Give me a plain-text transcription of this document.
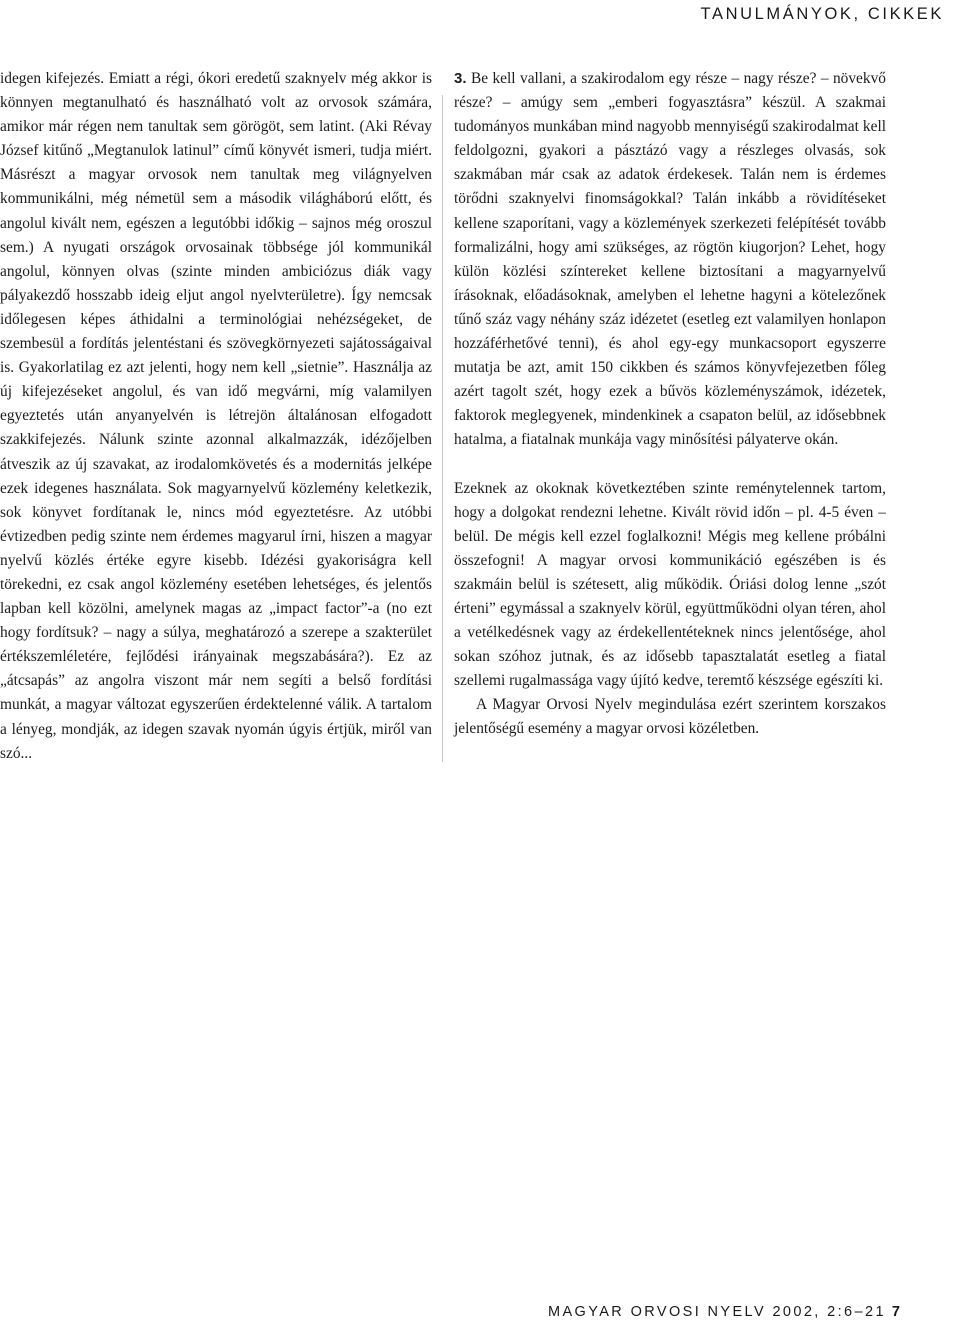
TANULMÁNYOK, CIKKEK

idegen kifejezés. Emiatt a régi, ókori eredetű szaknyelv még akkor is könnyen megtanulható és használható volt az orvosok számára, amikor már régen nem tanultak sem görögöt, sem latint. (Aki Révay József kitűnő „Megtanulok latinul” című könyvét ismeri, tudja miért. Másrészt a magyar orvosok nem tanultak meg világnyelven kommunikálni, még németül sem a második világháború előtt, és angolul kivált nem, egészen a legutóbbi időkig – sajnos még oroszul sem.) A nyugati országok orvosainak többsége jól kommunikál angolul, könnyen olvas (szinte minden ambiciózus diák vagy pályakezdő hosszabb ideig eljut angol nyelvterületre). Így nemcsak időlegesen képes áthidalni a terminológiai nehézségeket, de szembesül a fordítás jelentéstani és szövegkörnyezeti sajátosságaival is. Gyakorlatilag ez azt jelenti, hogy nem kell „sietnie”. Használja az új kifejezéseket angolul, és van idő megvárni, míg valamilyen egyeztetés után anyanyelvén is létrejön általánosan elfogadott szakkifejezés. Nálunk szinte azonnal alkalmazzák, idézőjelben átveszik az új szavakat, az irodalomkövetés és a modernitás jelképe ezek idegenes használata. Sok magyarnyelvű közlemény keletkezik, sok könyvet fordítanak le, nincs mód egyeztetésre. Az utóbbi évtizedben pedig szinte nem érdemes magyarul írni, hiszen a magyar nyelvű közlés értéke egyre kisebb. Idézési gyakoriságra kell törekedni, ez csak angol közlemény esetében lehetséges, és jelentős lapban kell közölni, amelynek magas az „impact factor”-a (no ezt hogy fordítsuk? – nagy a súlya, meghatározó a szerepe a szakterület értékszemléletére, fejlődési irányainak megszabására?). Ez az „átcsapás” az angolra viszont már nem segíti a belső fordítási munkát, a magyar változat egyszerűen érdektelenné válik. A tartalom a lényeg, mondják, az idegen szavak nyomán úgyis értjük, miről van szó...

3. Be kell vallani, a szakirodalom egy része – nagy része? – növekvő része? – amúgy sem „emberi fogyasztásra” készül. A szakmai tudományos munkában mind nagyobb mennyiségű szakirodalmat kell feldolgozni, gyakori a pásztázó vagy a részleges olvasás, sok szakmában már csak az adatok érdekesek. Talán nem is érdemes törődni szaknyelvi finomságokkal? Talán inkább a rövidítéseket kellene szaporítani, vagy a közlemények szerkezeti felépítését tovább formalizálni, hogy ami szükséges, az rögtön kiugorjon? Lehet, hogy külön közlési színtereket kellene biztosítani a magyarnyelvű írásoknak, előadásoknak, amelyben el lehetne hagyni a kötelezőnek tűnő száz vagy néhány száz idézetet (esetleg ezt valamilyen honlapon hozzáférhetővé tenni), és ahol egy-egy munkacsoport egyszerre mutatja be azt, amit 150 cikkben és számos könyvfejezetben főleg azért tagolt szét, hogy ezek a bűvös közleményszámok, idézetek, faktorok meglegyenek, mindenkinek a csapaton belül, az idősebbnek hatalma, a fiatalnak munkája vagy minősítési pályaterve okán.

Ezeknek az okoknak következtében szinte reménytelennek tartom, hogy a dolgokat rendezni lehetne. Kivált rövid időn – pl. 4-5 éven – belül. De mégis kell ezzel foglalkozni! Mégis meg kellene próbálni összefogni! A magyar orvosi kommunikáció egészében is és szakmáin belül is szétesett, alig működik. Óriási dolog lenne „szót érteni” egymással a szaknyelv körül, együttműködni olyan téren, ahol a vetélkedésnek vagy az érdekellentéteknek nincs jelentősége, ahol sokan szóhoz jutnak, és az idősebb tapasztalatát esetleg a fiatal szellemi rugalmassága vagy újító kedve, teremtő készsége egészíti ki.

A Magyar Orvosi Nyelv megindulása ezért szerintem korszakos jelentőségű esemény a magyar orvosi közéletben.

MAGYAR ORVOSI NYELV 2002, 2:6–21 7
